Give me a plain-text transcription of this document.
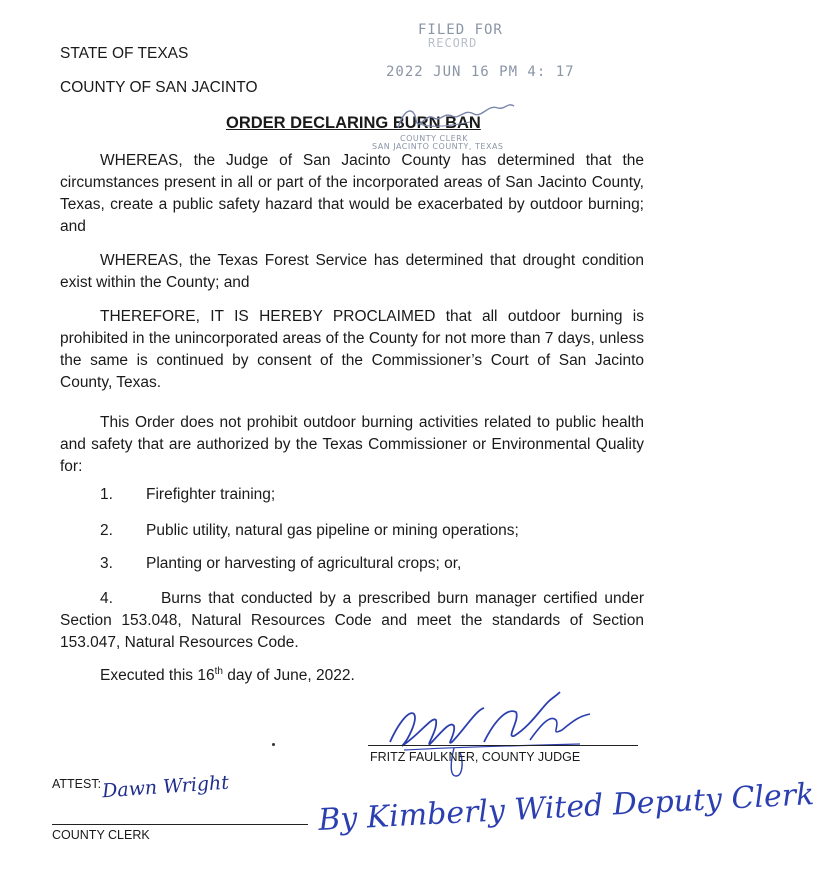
FILED FOR
RECORD
2022 JUN 16 PM 4: 17
COUNTY CLERK
SAN JACINTO COUNTY, TEXAS
STATE OF TEXAS
COUNTY OF SAN JACINTO
ORDER DECLARING BURN BAN
WHEREAS, the Judge of San Jacinto County has determined that the circumstances present in all or part of the incorporated areas of San Jacinto County, Texas, create a public safety hazard that would be exacerbated by outdoor burning; and
WHEREAS, the Texas Forest Service has determined that drought condition exist within the County; and
THEREFORE, IT IS HEREBY PROCLAIMED that all outdoor burning is prohibited in the unincorporated areas of the County for not more than 7 days, unless the same is continued by consent of the Commissioner’s Court of San Jacinto County, Texas.
This Order does not prohibit outdoor burning activities related to public health and safety that are authorized by the Texas Commissioner or Environmental Quality for:
1. Firefighter training;
2. Public utility, natural gas pipeline or mining operations;
3. Planting or harvesting of agricultural crops; or,
4.	Burns that conducted by a prescribed burn manager certified under Section 153.048, Natural Resources Code and meet the standards of Section 153.047, Natural Resources Code.
Executed this 16th day of June, 2022.
FRITZ FAULKNER, COUNTY JUDGE
ATTEST: Dawn Wright
COUNTY CLERK	By Kimberly Wited Deputy Clerk
